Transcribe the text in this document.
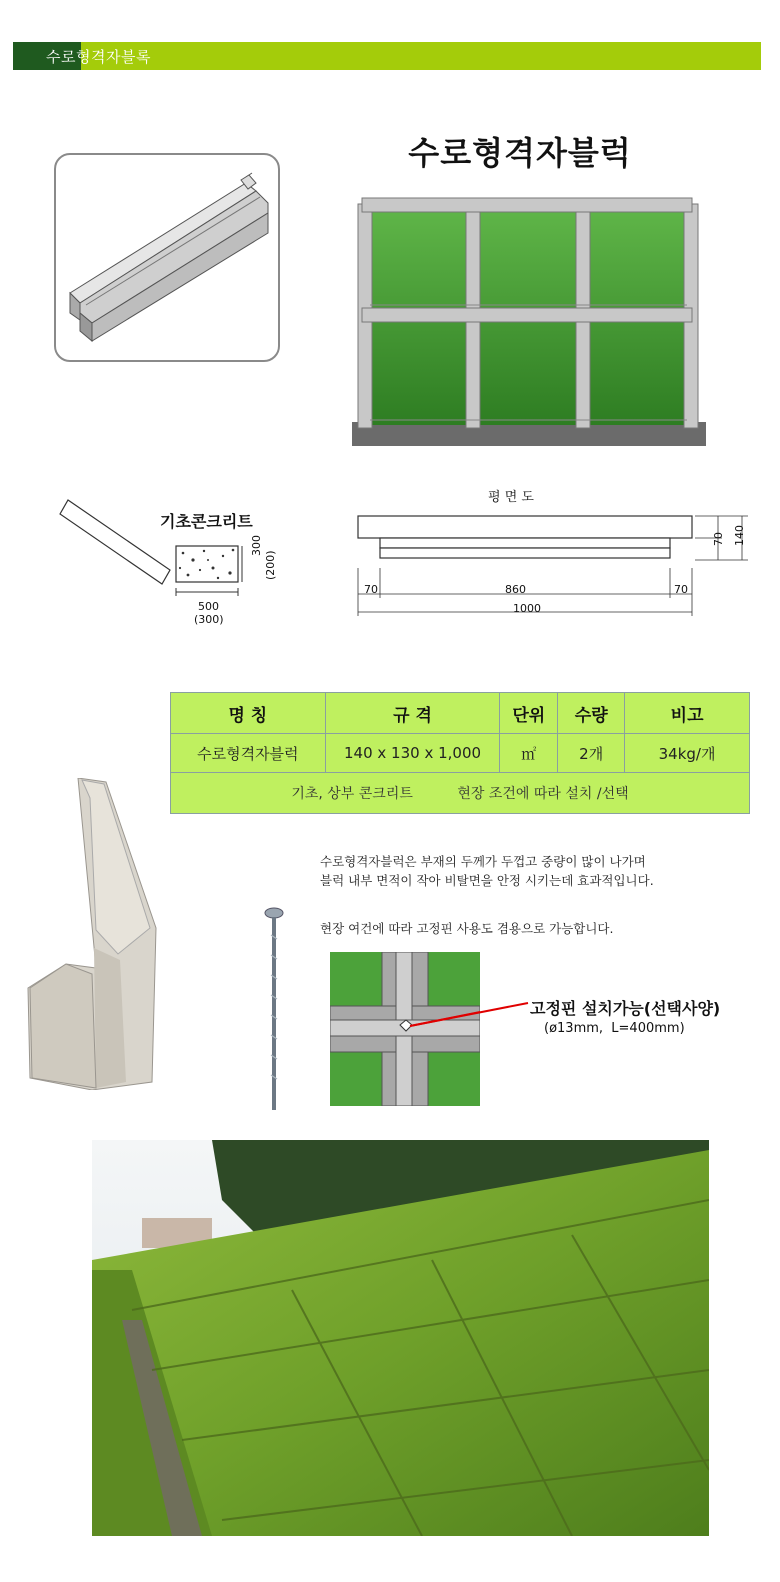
수로형격자블록
수로형격자블럭
기초콘크리트
300
(200)
500
(300)
평 면 도
70	860	70
1000
70 140
명 칭	규 격	단위	수량	비고
수로형격자블럭	140 x 130 x 1,000	㎡	2개	34kg/개
기초, 상부 콘크리트          현장 조건에 따라 설치 /선택				
수로형격자블럭은 부재의 두께가 두껍고 중량이 많이 나가며
블럭 내부 면적이 작아 비탈면을 안정 시키는데 효과적입니다.
현장 여건에 따라 고정핀 사용도 겸용으로 가능합니다.
고정핀 설치가능(선택사양)
(ø13mm,  L=400mm)
